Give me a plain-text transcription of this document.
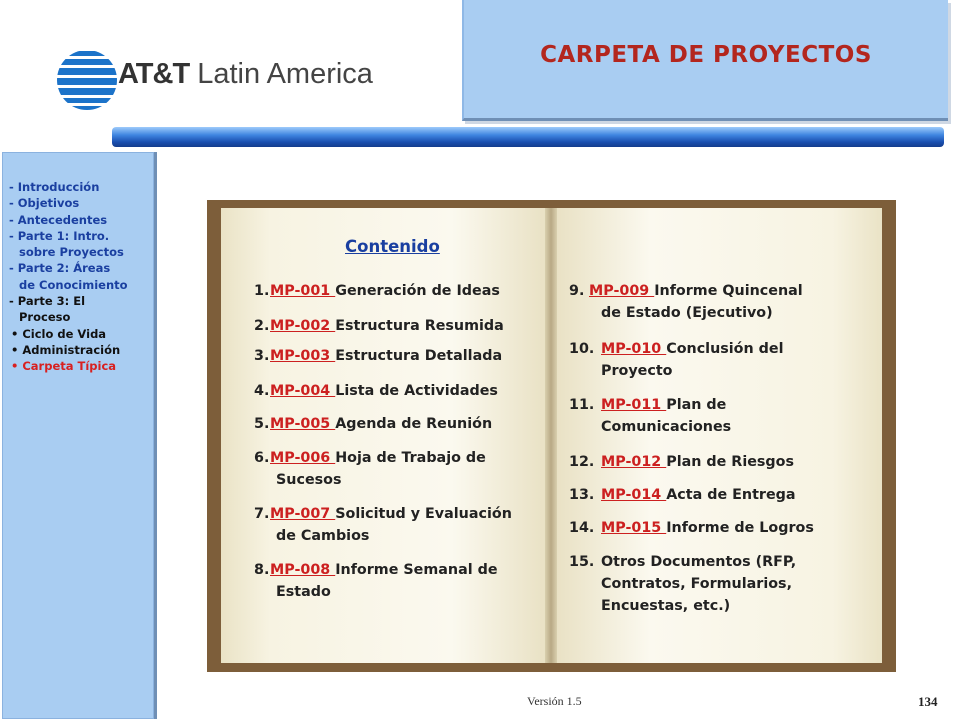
AT&T Latin America
CARPETA DE PROYECTOS
- Introducción
- Objetivos
- Antecedentes
- Parte 1: Intro.
sobre Proyectos
- Parte 2: Áreas
de Conocimiento
- Parte 3: El
Proceso
• Ciclo de Vida
• Administración
• Carpeta Típica
Contenido
1. MP-001 Generación de Ideas
2. MP-002 Estructura Resumida
3. MP-003 Estructura Detallada
4. MP-004 Lista de Actividades
5. MP-005 Agenda de Reunión
6. MP-006 Hoja de Trabajo de
Sucesos
7. MP-007 Solicitud y Evaluación
de Cambios
8. MP-008 Informe Semanal de
Estado
9. MP-009 Informe Quincenal
de Estado (Ejecutivo)
10. MP-010 Conclusión del
Proyecto
11. MP-011 Plan de
Comunicaciones
12. MP-012 Plan de Riesgos
13. MP-014 Acta de Entrega
14. MP-015 Informe de Logros
15. Otros Documentos (RFP,
Contratos, Formularios,
Encuestas, etc.)
Versión 1.5	134
